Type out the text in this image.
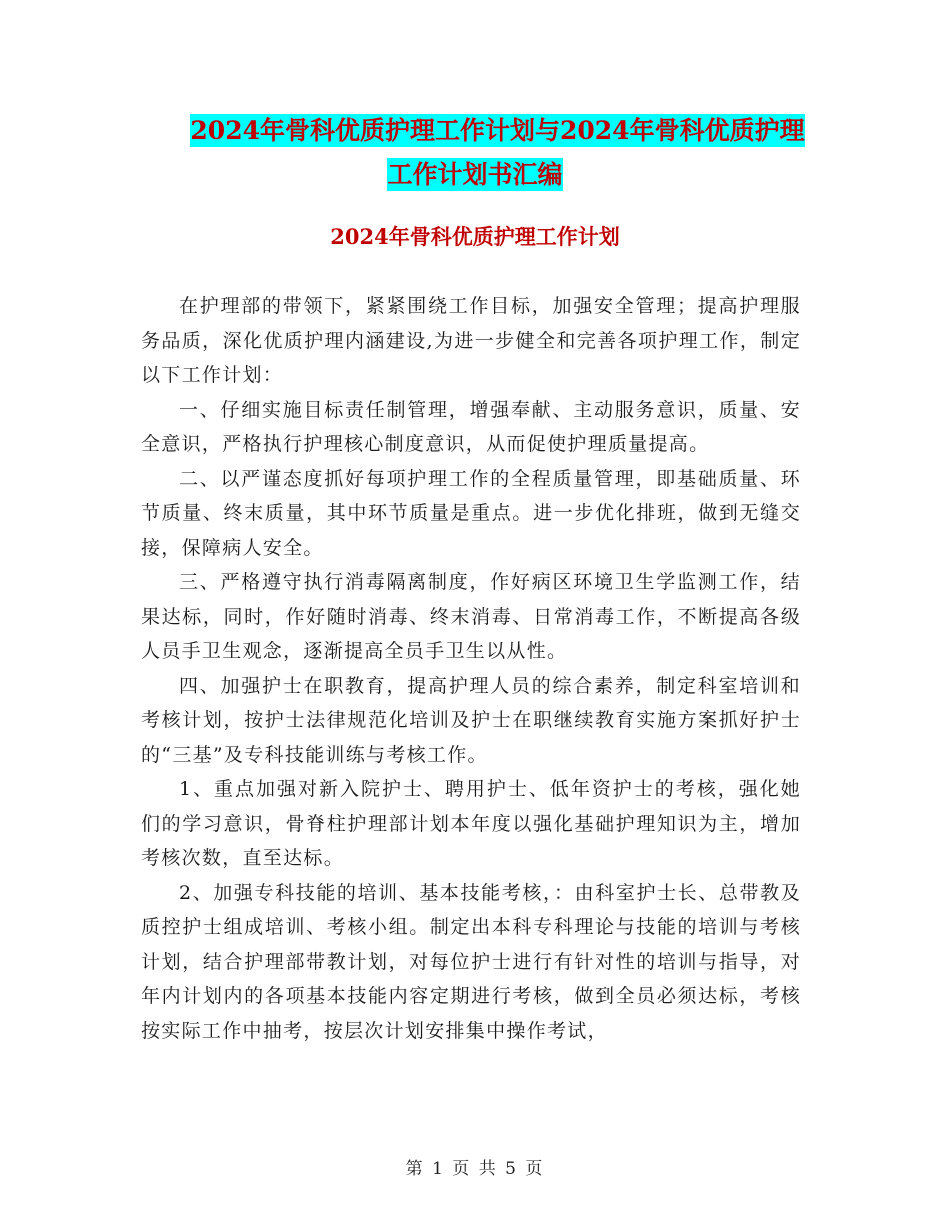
2024年骨科优质护理工作计划与2024年骨科优质护理
工作计划书汇编
2024年骨科优质护理工作计划

在护理部的带领下，紧紧围绕工作目标，加强安全管理；提高护理服务品质，深化优质护理内涵建设,为进一步健全和完善各项护理工作，制定以下工作计划：

一、仔细实施目标责任制管理，增强奉献、主动服务意识，质量、安全意识，严格执行护理核心制度意识，从而促使护理质量提高。

二、以严谨态度抓好每项护理工作的全程质量管理，即基础质量、环节质量、终末质量，其中环节质量是重点。进一步优化排班，做到无缝交接，保障病人安全。

三、严格遵守执行消毒隔离制度，作好病区环境卫生学监测工作，结果达标，同时，作好随时消毒、终末消毒、日常消毒工作，不断提高各级人员手卫生观念，逐渐提高全员手卫生以从性。

四、加强护士在职教育，提高护理人员的综合素养，制定科室培训和考核计划，按护士法律规范化培训及护士在职继续教育实施方案抓好护士的“三基”及专科技能训练与考核工作。

1、重点加强对新入院护士、聘用护士、低年资护士的考核，强化她们的学习意识，骨脊柱护理部计划本年度以强化基础护理知识为主，增加考核次数，直至达标。

2、加强专科技能的培训、基本技能考核，：由科室护士长、总带教及质控护士组成培训、考核小组。制定出本科专科理论与技能的培训与考核计划，结合护理部带教计划，对每位护士进行有针对性的培训与指导，对年内计划内的各项基本技能内容定期进行考核，做到全员必须达标，考核按实际工作中抽考，按层次计划安排集中操作考试，

第 1 页 共 5 页
